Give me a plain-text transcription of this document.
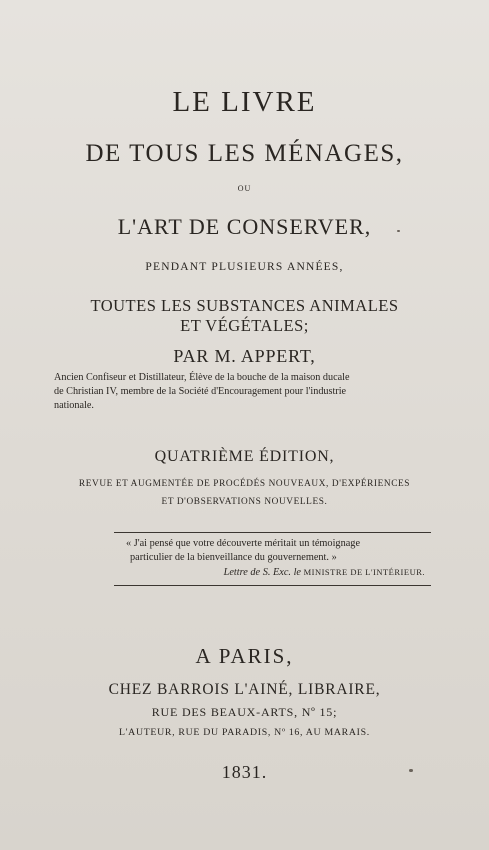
LE LIVRE
DE TOUS LES MÉNAGES,
OU
L'ART DE CONSERVER,
PENDANT PLUSIEURS ANNÉES,
TOUTES LES SUBSTANCES ANIMALES
ET VÉGÉTALES;
PAR M. APPERT,
Ancien Confiseur et Distillateur, Élève de la bouche de la maison ducale
de Christian IV, membre de la Société d'Encouragement pour l'industrie
nationale.
QUATRIÈME ÉDITION,
REVUE ET AUGMENTÉE DE PROCÉDÉS NOUVEAUX, D'EXPÉRIENCES
ET D'OBSERVATIONS NOUVELLES.
« J'ai pensé que votre découverte méritait un témoignage
particulier de la bienveillance du gouvernement. »
Lettre de S. Exc. le MINISTRE DE L'INTÉRIEUR.
A PARIS,
CHEZ BARROIS L'AINÉ, LIBRAIRE,
RUE DES BEAUX-ARTS, Nº 15;
L'AUTEUR, RUE DU PARADIS, Nº 16, AU MARAIS.
1831.
